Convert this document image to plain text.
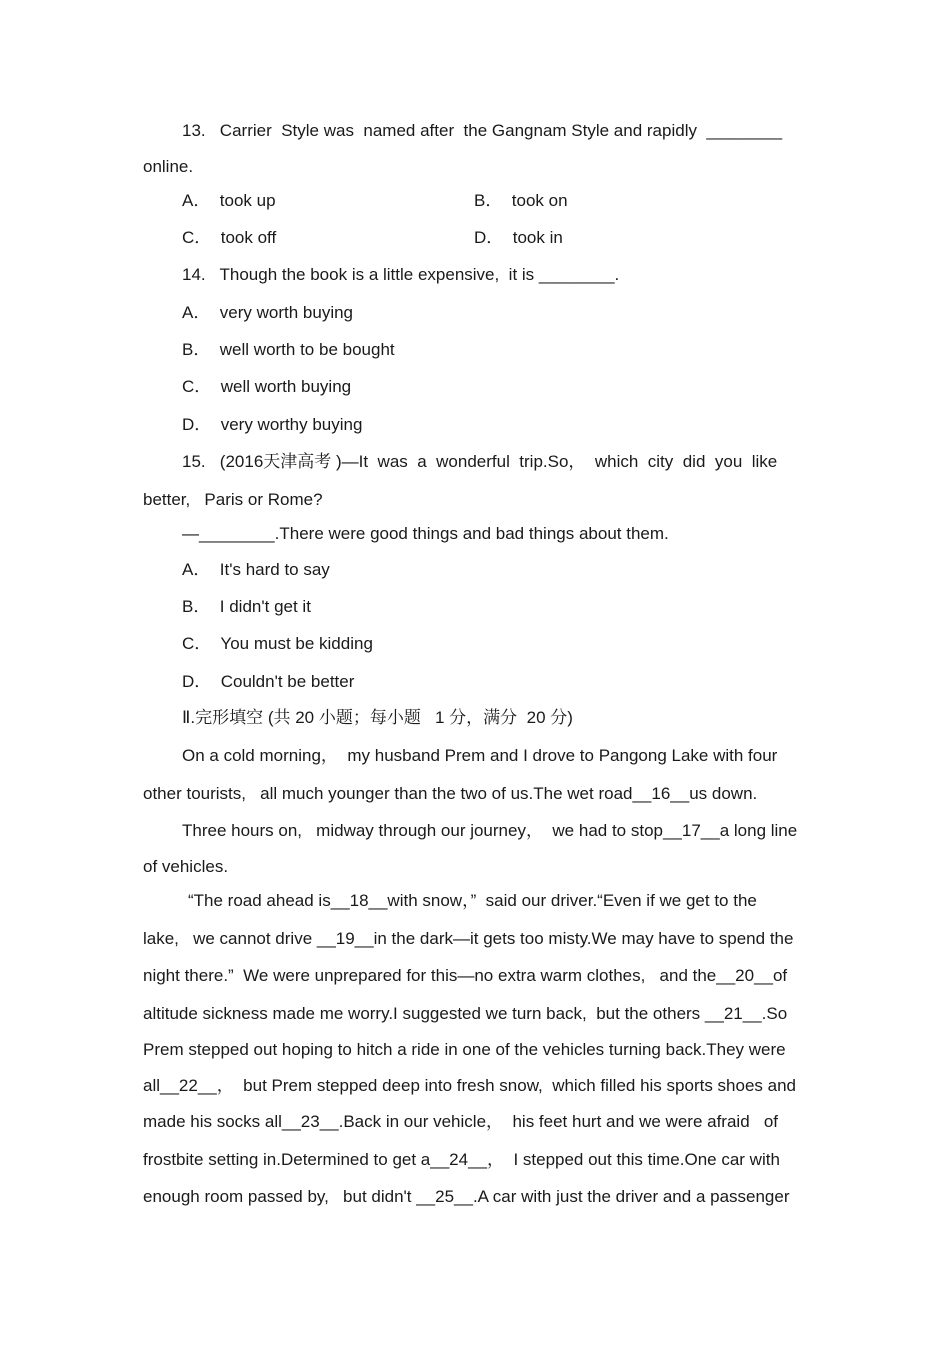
13.   Carrier  Style was  named after  the Gangnam Style and rapidly  ________
online.
A．  took up	B．  took on
C．  took off	D．  took in
14.   Though the book is a little expensive,  it is ________.
A．  very worth buying
B．  well worth to be bought
C．  well worth buying
D．  very worthy buying
15.   (2016天津高考 )—It  was  a  wonderful  trip.So，  which  city  did  you  like
better,   Paris or Rome?
—________.There were good things and bad things about them.
A．  It's hard to say
B．  I didn't get it
C．  You must be kidding
D．  Couldn't be better
Ⅱ.完形填空 (共 20 小题；每小题   1 分，满分  20 分)
On a cold morning，  my husband Prem and I drove to Pangong Lake with four
other tourists,   all much younger than the two of us.The wet road__16__us down.
Three hours on,   midway through our journey，  we had to stop__17__a long line
of vehicles.
“The road ahead is__18__with snow，”  said our driver.“Even if we get to the
lake,   we cannot drive __19__in the dark—it gets too misty.We may have to spend the
night there.”  We were unprepared for this—no extra warm clothes,   and the__20__of
altitude sickness made me worry.I suggested we turn back,  but the others __21__.So
Prem stepped out hoping to hitch a ride in one of the vehicles turning back.They were
all__22__，  but Prem stepped deep into fresh snow,  which filled his sports shoes and
made his socks all__23__.Back in our vehicle，  his feet hurt and we were afraid   of
frostbite setting in.Determined to get a__24__，  I stepped out this time.One car with
enough room passed by,   but didn't __25__.A car with just the driver and a passenger
